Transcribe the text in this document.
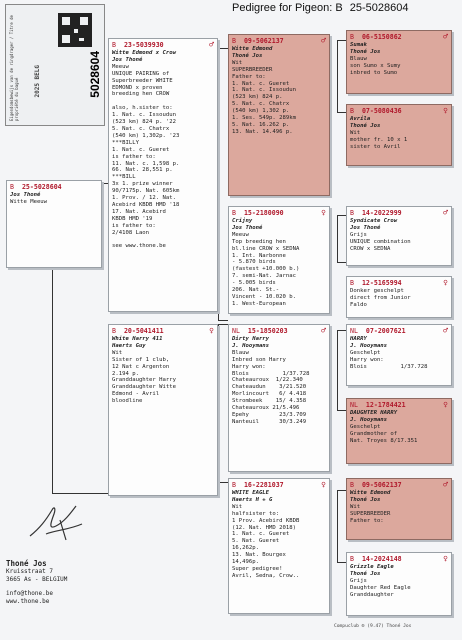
Pedigree for Pigeon: B 25-5028604
Eigendomsbewijs van de ringdrager / Titre de propriété du bagué	2025 BELG	5028604
B 25-5028604
Jos Thoné
Witte Meeuw
B 23-5039930	♂
Witte Edmond x Crow
Jos Thoné
Meeuw
UNIQUE PAIRING of
Superbreeder WHITE
EDMOND x proven
breeding hen CROW

also, h.sister to:
1. Nat. c. Issoudun
(523 km) 824 p. '22
5. Nat. c. Chatrx
(540 km) 1,302p. '23
***BILLY
1. Nat. c. Gueret
is father to:
11. Nat. c. 1,598 p.
66. Nat. 28,551 p.
***BILL
3x 1. prize winner
90/7175p. Nat. 605km
1. Prov. / 12. Nat.
Acebird KBDB HMD '18
17. Nat. Acebird
KBDB HMD '19
is father to:
2/4108 Laon

see www.thone.be
B 20-5041411	♀
White Harry 411
Haerts Guy
Wit
Sister of 1 club,
12 Nat c Argenton
2.194 p.
Granddaughter Harry
Granddaughter Witte
Edmond - Avril
bloodline
B 09-5062137	♂
Witte Edmond
Thoné Jos
Wit
SUPERBREEDER
Father to:
1. Nat. c. Gueret
1. Nat. c. Issoudun
(523 km) 824 p.
5. Nat. c. Chatrx
(540 km) 1,302 p.
1. Ses. 549p. 289km
5. Nat. 16.262 p.
13. Nat. 14.496 p.
B 15-2180090	♀
Crijny
Jos Thoné
Meeuw
Top breeding hen
bl.line CROW x SEDNA
1. Int. Narbonne
- 5.870 birds
(fastest +10.000 b.)
7. semi-Nat. Jarnac
- 5.005 birds
206. Nat. St.-
Vincent - 10.020 b.
1. West-European
NL 15-1850203	♂
Dirty Harry
J. Hooymans
Blauw
Inbred son Harry
Harry won:
Blois          1/37.728
Chateauroux  1/22.340
Chateaudun    3/21.520
Morlincourt   6/ 4.418
Strombeek    15/ 4.358
Chateauroux 21/5.496
Epehy         23/3.709
Nanteuil      30/3.249
B 16-2281037	♀
WHITE EAGLE
Haerts H + G
Wit
halfsister to:
1 Prov. Acebird KBDB
(12. Nat. HMD 2018)
1. Nat. c. Gueret
5. Nat. Gueret
16,262p.
13. Nat. Bourgex
14,496p.
Super pedigree!
Avril, Sedna, Crow..
B 06-5150862	♂
Sumak
Thoné Jos
Blauw
son Sumo x Sumy
inbred to Sumo
B 07-5080436	♀
Avrila
Thoné Jos
Wit
mother fr. 10 x 1
sister to Avril
B 14-2022999	♂
Syndicate Crow
Jos Thoné
Grijs
UNIQUE combination
CROW x SEDNA
B 12-5165994	♀
Donker geschelpt
direct from Junior
Faldo
NL 07-2007621	♂
HARRY
J. Hooymans
Geschelpt
Harry won:
Blois          1/37.728
NL 12-1784421	♀
DAUGHTER HARRY
J. Hooymans
Geschelpt
Grandmother of
Nat. Troyes 8/17.351
B 09-5062137	♂
Witte Edmond
Thoné Jos
Wit
SUPERBREEDER
Father to:
B 14-2024148	♀
Grizzle Eagle
Thoné Jos
Grijs
Daughter Red Eagle
Granddaughter
Thoné Jos
Kruisstraat 7
3665 As - BELGIUM
info@thone.be
www.thone.be
Compuclub ® (9.47) Thoné Jos
